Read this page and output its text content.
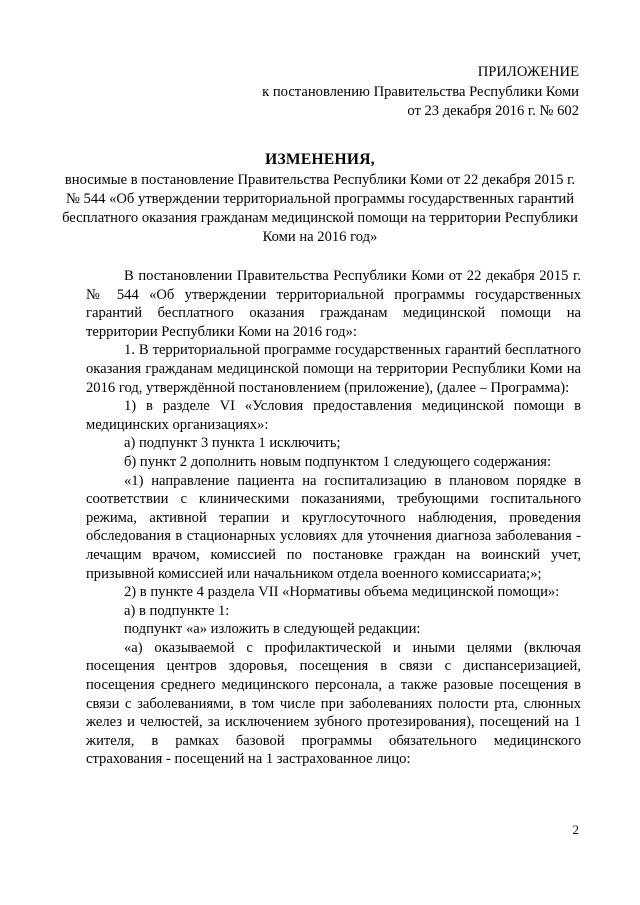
ПРИЛОЖЕНИЕ
к постановлению Правительства Республики Коми
от 23 декабря 2016 г. № 602
ИЗМЕНЕНИЯ,
вносимые в постановление Правительства Республики Коми от 22 декабря 2015 г. № 544 «Об утверждении территориальной программы государственных гарантий бесплатного оказания гражданам медицинской помощи на территории Республики Коми на 2016 год»

В постановлении Правительства Республики Коми от 22 декабря 2015 г. № 544 «Об утверждении территориальной программы государственных гарантий бесплатного оказания гражданам медицинской помощи на территории Республики Коми на 2016 год»:

1. В территориальной программе государственных гарантий бесплатного оказания гражданам медицинской помощи на территории Республики Коми на 2016 год, утверждённой постановлением (приложение), (далее – Программа):

1) в разделе VI «Условия предоставления медицинской помощи в медицинских организациях»:

а) подпункт 3 пункта 1 исключить;

б) пункт 2 дополнить новым подпунктом 1 следующего содержания:

«1) направление пациента на госпитализацию в плановом порядке в соответствии с клиническими показаниями, требующими госпитального режима, активной терапии и круглосуточного наблюдения, проведения обследования в стационарных условиях для уточнения диагноза заболевания - лечащим врачом, комиссией по постановке граждан на воинский учет, призывной комиссией или начальником отдела военного комиссариата;»;

2) в пункте 4 раздела VII «Нормативы объема медицинской помощи»:

а) в подпункте 1:

подпункт «а» изложить в следующей редакции:

«а) оказываемой с профилактической и иными целями (включая посещения центров здоровья, посещения в связи с диспансеризацией, посещения среднего медицинского персонала, а также разовые посещения в связи с заболеваниями, в том числе при заболеваниях полости рта, слюнных желез и челюстей, за исключением зубного протезирования), посещений на 1 жителя, в рамках базовой программы обязательного медицинского страхования - посещений на 1 застрахованное лицо:

2
